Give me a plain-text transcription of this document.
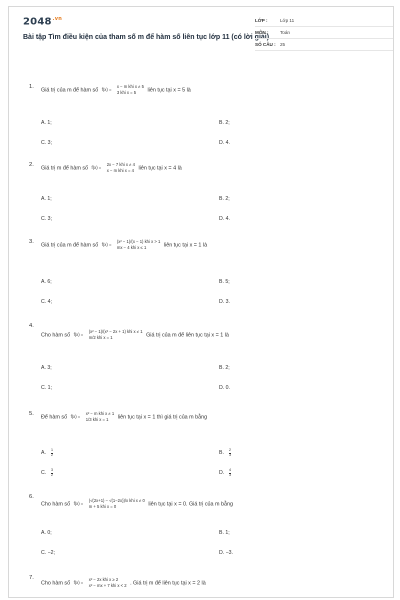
$2048^{.vn}$
Bài tập Tìm điều kiện của tham số m để hàm số liên tục lớp 11 (có lời giải)
LỚP :	Lớp 11
MÔN :	Toán
SỐ CÂU : 25
1.
Giá trị của m để hàm số f(x) =
x − m khi x ≠ 5
3 khi x = 5	liên tục tại x = 5 là
A. 1;	B. 2;
C. 3;	D. 4.
2.
Giá trị m để hàm số f(x) =
2x − 7 khi x ≠ 4
x − m khi x = 4 liên tục tại x = 4 là
A. 1;	B. 2;
C. 3;	D. 4.
3.
Giá trị của m để hàm số f(x) =
(x² − 1)/(x − 1) khi x > 1
mx − 4 khi x ≤ 1	liên tục tại x = 1 là
A. 6;	B. 5;
C. 4;	D. 3.
4.
Cho hàm số f(x) =
(x² − 1)/(x² − 2x + 1) khi x ≠ 1
m/2 khi x = 1	Giá trị của m để liên tục tại x = 1 là
A. 3;	B. 2;
C. 1;	D. 0.
5.
Để hàm số f(x) =
x² − m khi x ≠ 1
1/3 khi x = 1	liên tục tại x = 1 thì giá trị của m bằng
A. $\frac{1}{2}$	B. $\frac{2}{3}$
C. $\frac{3}{2}$	D. $\frac{4}{3}$
6.
Cho hàm số f(x) =
(√(2x+1) − √(1−2x))/x khi x ≠ 0
m + 5 khi x = 0	liên tục tại x = 0. Giá trị của m bằng
A. 0;	B. 1;
C. −2;	D. −3.
7.
Cho hàm số f(x) =
x² − 2x khi x ≥ 2
x² − mx + 7 khi x < 2 . Giá trị m để liên tục tại x = 2 là
